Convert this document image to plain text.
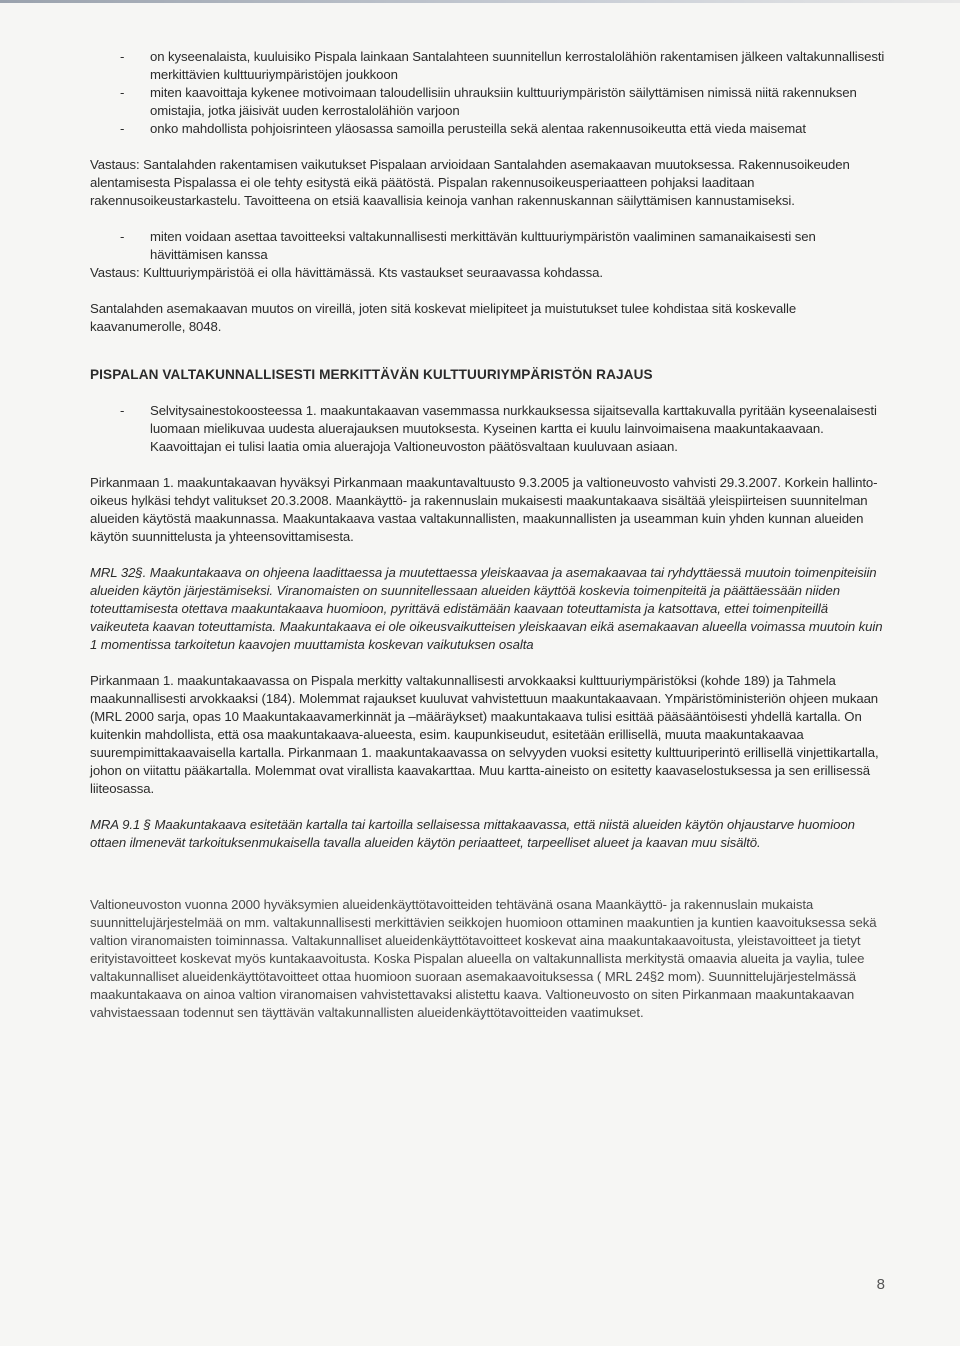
- on kyseenalaista, kuuluisiko Pispala lainkaan Santalahteen suunnitellun kerrostalolähiön rakentamisen jälkeen valtakunnallisesti merkittävien kulttuuriympäristöjen joukkoon
- miten kaavoittaja kykenee motivoimaan taloudellisiin uhrauksiin kulttuuriympäristön säilyttämisen nimissä niitä rakennuksen omistajia, jotka jäisivät uuden kerrostalolähiön varjoon
- onko mahdollista pohjoisrinteen yläosassa samoilla perusteilla sekä alentaa rakennusoikeutta että vieda maisemat

Vastaus: Santalahden rakentamisen vaikutukset Pispalaan arvioidaan Santalahden asemakaavan muutoksessa. Rakennusoikeuden alentamisesta Pispalassa ei ole tehty esitystä eikä päätöstä. Pispalan rakennusoikeusperiaatteen pohjaksi laaditaan rakennusoikeustarkastelu. Tavoitteena on etsiä kaavallisia keinoja vanhan rakennuskannan säilyttämisen kannustamiseksi.

- miten voidaan asettaa tavoitteeksi valtakunnallisesti merkittävän kulttuuriympäristön vaaliminen samanaikaisesti sen hävittämisen kanssa

Vastaus: Kulttuuriympäristöä ei olla hävittämässä. Kts vastaukset seuraavassa kohdassa.

Santalahden asemakaavan muutos on vireillä, joten sitä koskevat mielipiteet ja muistutukset tulee kohdistaa sitä koskevalle kaavanumerolle, 8048.

PISPALAN VALTAKUNNALLISESTI MERKITTÄVÄN KULTTUURIYMPÄRISTÖN RAJAUS

- Selvitysainestokoosteessa 1. maakuntakaavan vasemmassa nurkkauksessa sijaitsevalla karttakuvalla pyritään kyseenalaisesti luomaan mielikuvaa uudesta aluerajauksen muutoksesta. Kyseinen kartta ei kuulu lainvoimaisena maakuntakaavaan. Kaavoittajan ei tulisi laatia omia aluerajoja Valtioneuvoston päätösvaltaan kuuluvaan asiaan.

Pirkanmaan 1. maakuntakaavan hyväksyi Pirkanmaan maakuntavaltuusto 9.3.2005 ja valtioneuvosto vahvisti 29.3.2007. Korkein hallinto-oikeus hylkäsi tehdyt valitukset 20.3.2008. Maankäyttö- ja rakennuslain mukaisesti maakuntakaava sisältää yleispiirteisen suunnitelman alueiden käytöstä maakunnassa. Maakuntakaava vastaa valtakunnallisten, maakunnallisten ja useamman kuin yhden kunnan alueiden käytön suunnittelusta ja yhteensovittamisesta.

MRL 32§. Maakuntakaava on ohjeena laadittaessa ja muutettaessa yleiskaavaa ja asemakaavaa tai ryhdyttäessä muutoin toimenpiteisiin alueiden käytön järjestämiseksi. Viranomaisten on suunnitellessaan alueiden käyttöä koskevia toimenpiteitä ja päättäessään niiden toteuttamisesta otettava maakuntakaava huomioon, pyrittävä edistämään kaavaan toteuttamista ja katsottava, ettei toimenpiteillä vaikeuteta kaavan toteuttamista. Maakuntakaava ei ole oikeusvaikutteisen yleiskaavan eikä asemakaavan alueella voimassa muutoin kuin 1 momentissa tarkoitetun kaavojen muuttamista koskevan vaikutuksen osalta

Pirkanmaan 1. maakuntakaavassa on Pispala merkitty valtakunnallisesti arvokkaaksi kulttuuriympäristöksi (kohde 189) ja Tahmela maakunnallisesti arvokkaaksi (184). Molemmat rajaukset kuuluvat vahvistettuun maakuntakaavaan. Ympäristöministeriön ohjeen mukaan (MRL 2000 sarja, opas 10 Maakuntakaavamerkinnät ja –määräykset) maakuntakaava tulisi esittää pääsääntöisesti yhdellä kartalla. On kuitenkin mahdollista, että osa maakuntakaava-alueesta, esim. kaupunkiseudut, esitetään erillisellä, muuta maakuntakaavaa suurempimittakaavaisella kartalla. Pirkanmaan 1. maakuntakaavassa on selvyyden vuoksi esitetty kulttuuriperintö erillisellä vinjettikartalla, johon on viitattu pääkartalla. Molemmat ovat virallista kaavakarttaa. Muu kartta-aineisto on esitetty kaavaselostuksessa ja sen erillisessä liiteosassa.

MRA 9.1 § Maakuntakaava esitetään kartalla tai kartoilla sellaisessa mittakaavassa, että niistä alueiden käytön ohjaustarve huomioon ottaen ilmenevät tarkoituksenmukaisella tavalla alueiden käytön periaatteet, tarpeelliset alueet ja kaavan muu sisältö.

Valtioneuvoston vuonna 2000 hyväksymien alueidenkäyttötavoitteiden tehtävänä osana Maankäyttö- ja rakennuslain mukaista suunnittelujärjestelmää on mm. valtakunnallisesti merkittävien seikkojen huomioon ottaminen maakuntien ja kuntien kaavoituksessa sekä valtion viranomaisten toiminnassa. Valtakunnalliset alueidenkäyttötavoitteet koskevat aina maakuntakaavoitusta, yleistavoitteet ja tietyt erityistavoitteet koskevat myös kuntakaavoitusta. Koska Pispalan alueella on valtakunnallista merkitystä omaavia alueita ja vaylia, tulee valtakunnalliset alueidenkäyttötavoitteet ottaa huomioon suoraan asemakaavoituksessa ( MRL 24§2 mom). Suunnittelujärjestelmässä maakuntakaava on ainoa valtion viranomaisen vahvistettavaksi alistettu kaava. Valtioneuvosto on siten Pirkanmaan maakuntakaavan vahvistaessaan todennut sen täyttävän valtakunnallisten alueidenkäyttötavoitteiden vaatimukset.

8
